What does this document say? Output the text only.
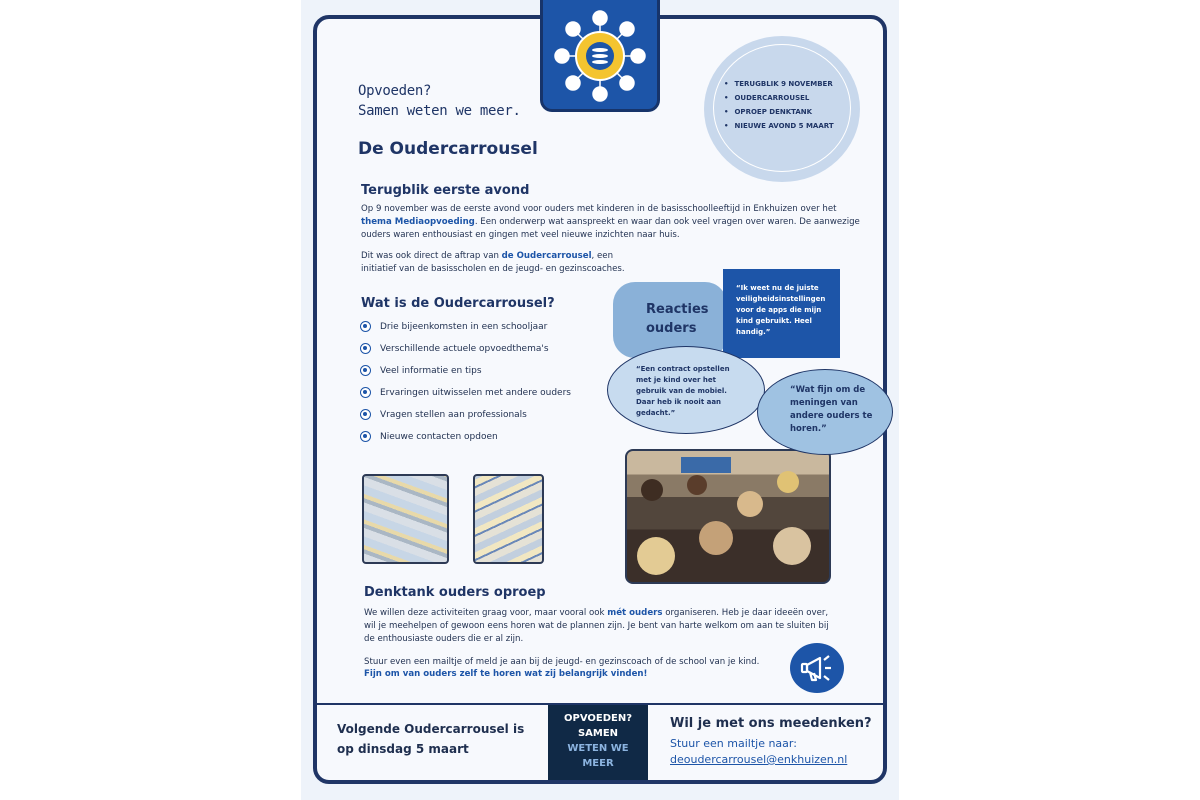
Opvoeden?
Samen weten we meer.
De Oudercarrousel
• TERUGBLIK 9 NOVEMBER
• OUDERCARROUSEL
• OPROEP DENKTANK
• NIEUWE AVOND 5 MAART
Terugblik eerste avond
Op 9 november was de eerste avond voor ouders met kinderen in de basisschoolleeftijd in Enkhuizen over het thema Mediaopvoeding. Een onderwerp wat aanspreekt en waar dan ook veel vragen over waren. De aanwezige ouders waren enthousiast en gingen met veel nieuwe inzichten naar huis.
Dit was ook direct de aftrap van de Oudercarrousel, een initiatief van de basisscholen en de jeugd- en gezinscoaches.
Wat is de Oudercarrousel?
Drie bijeenkomsten in een schooljaar
Verschillende actuele opvoedthema's
Veel informatie en tips
Ervaringen uitwisselen met andere ouders
Vragen stellen aan professionals
Nieuwe contacten opdoen
Reacties
ouders
“Ik weet nu de juiste veiligheidsinstellingen voor de apps die mijn kind gebruikt. Heel handig.”
“Een contract opstellen met je kind over het gebruik van de mobiel. Daar heb ik nooit aan gedacht.”
“Wat fijn om de meningen van andere ouders te horen.”
Denktank ouders oproep
We willen deze activiteiten graag voor, maar vooral ook mét ouders organiseren. Heb je daar ideeën over, wil je meehelpen of gewoon eens horen wat de plannen zijn. Je bent van harte welkom om aan te sluiten bij de enthousiaste ouders die er al zijn.
Stuur even een mailtje of meld je aan bij de jeugd- en gezinscoach of de school van je kind.
Fijn om van ouders zelf te horen wat zij belangrijk vinden!
Volgende Oudercarrousel is op dinsdag 5 maart
OPVOEDEN?
SAMEN
WETEN WE
MEER
Wil je met ons meedenken?
Stuur een mailtje naar:
deoudercarrousel@enkhuizen.nl
